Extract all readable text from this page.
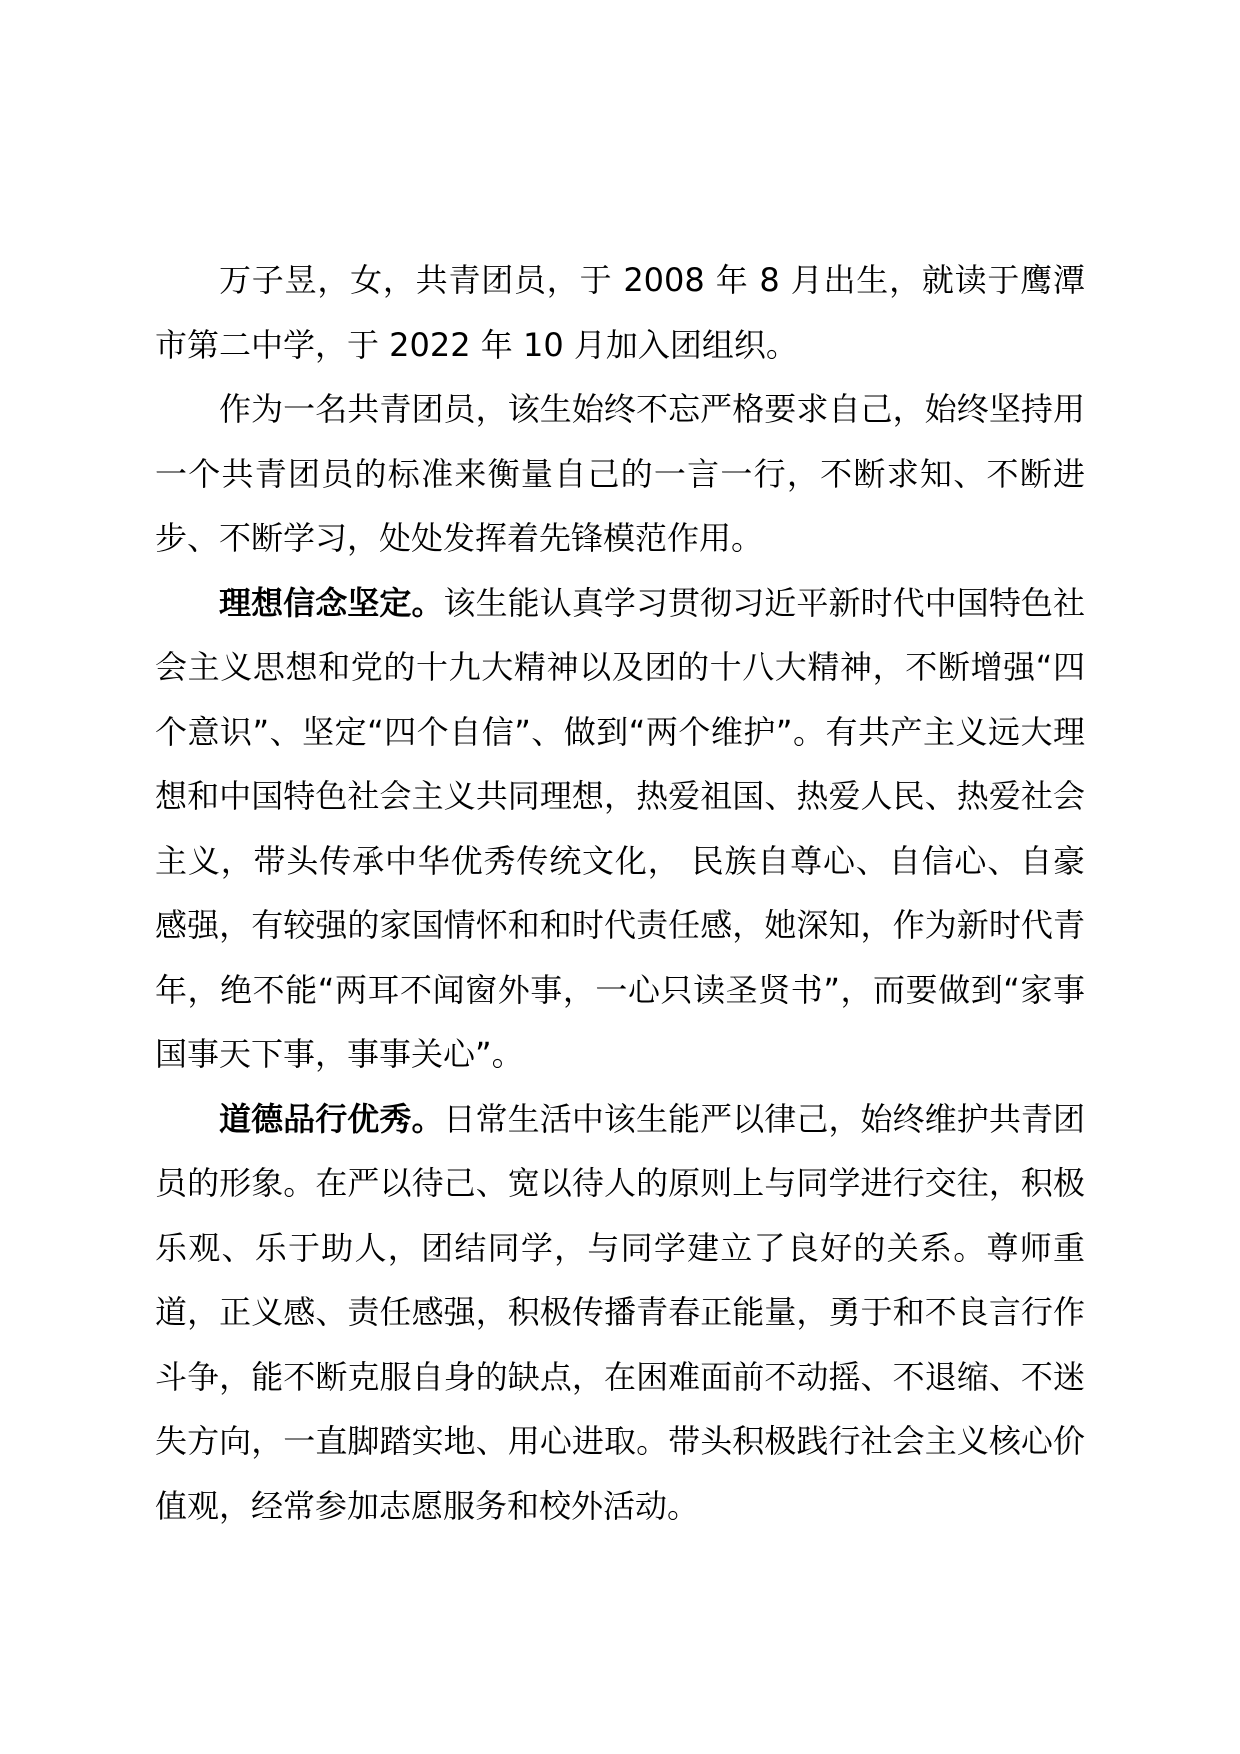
万子昱，女，共青团员，于 2008 年 8 月出生，就读于鹰潭市第二中学，于 2022 年 10 月加入团组织。

作为一名共青团员，该生始终不忘严格要求自己，始终坚持用一个共青团员的标准来衡量自己的一言一行，不断求知、不断进步、不断学习，处处发挥着先锋模范作用。

理想信念坚定。该生能认真学习贯彻习近平新时代中国特色社会主义思想和党的十九大精神以及团的十八大精神，不断增强“四个意识”、坚定“四个自信”、做到“两个维护”。有共产主义远大理想和中国特色社会主义共同理想，热爱祖国、热爱人民、热爱社会主义，带头传承中华优秀传统文化， 民族自尊心、自信心、自豪感强，有较强的家国情怀和和时代责任感，她深知，作为新时代青年，绝不能“两耳不闻窗外事，一心只读圣贤书”，而要做到“家事国事天下事，事事关心”。

道德品行优秀。日常生活中该生能严以律己，始终维护共青团员的形象。在严以待己、宽以待人的原则上与同学进行交往，积极乐观、乐于助人，团结同学，与同学建立了良好的关系。尊师重道，正义感、责任感强，积极传播青春正能量，勇于和不良言行作斗争，能不断克服自身的缺点，在困难面前不动摇、不退缩、不迷失方向，一直脚踏实地、用心进取。带头积极践行社会主义核心价值观，经常参加志愿服务和校外活动。
